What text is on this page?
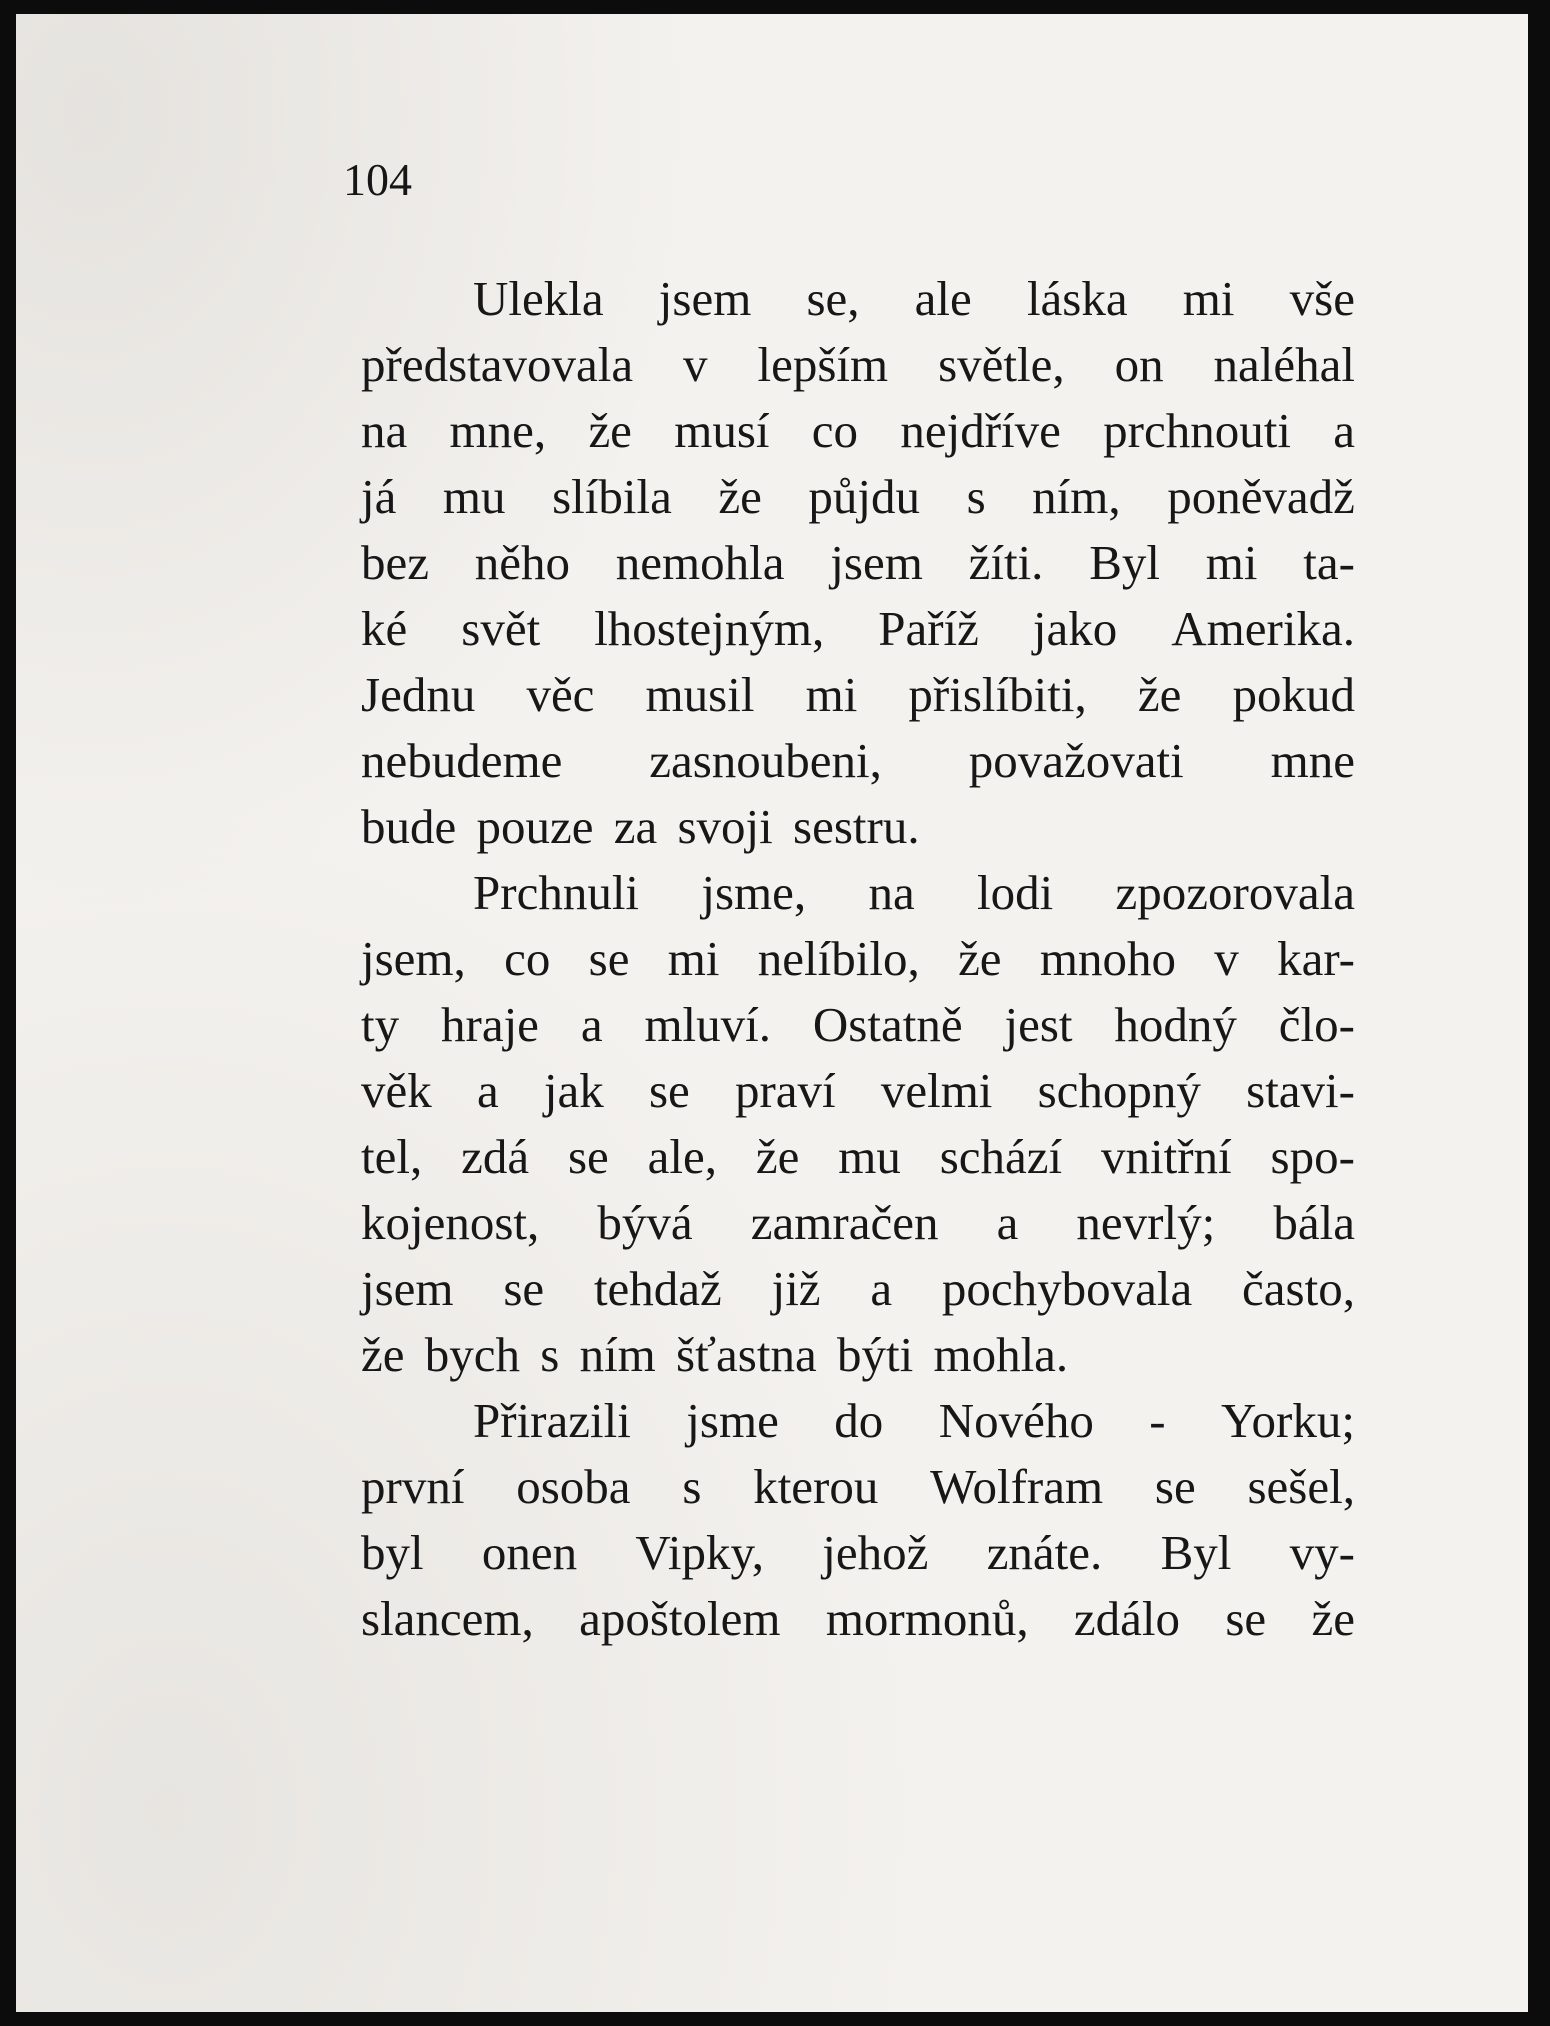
104

Ulekla jsem se, ale láska mi vše
představovala v lepším světle, on naléhal
na mne, že musí co nejdříve prchnouti a
já mu slíbila že půjdu s ním, poněvadž
bez něho nemohla jsem žíti. Byl mi ta-
ké svět lhostejným, Paříž jako Amerika.
Jednu věc musil mi přislíbiti, že pokud
nebudeme zasnoubeni, považovati mne
bude pouze za svoji sestru.
Prchnuli jsme, na lodi zpozorovala
jsem, co se mi nelíbilo, že mnoho v kar-
ty hraje a mluví. Ostatně jest hodný člo-
věk a jak se praví velmi schopný stavi-
tel, zdá se ale, že mu schází vnitřní spo-
kojenost, bývá zamračen a nevrlý; bála
jsem se tehdaž již a pochybovala často,
že bych s ním šťastna býti mohla.
Přirazili jsme do Nového - Yorku;
první osoba s kterou Wolfram se sešel,
byl onen Vipky, jehož znáte. Byl vy-
slancem, apoštolem mormonů, zdálo se že
